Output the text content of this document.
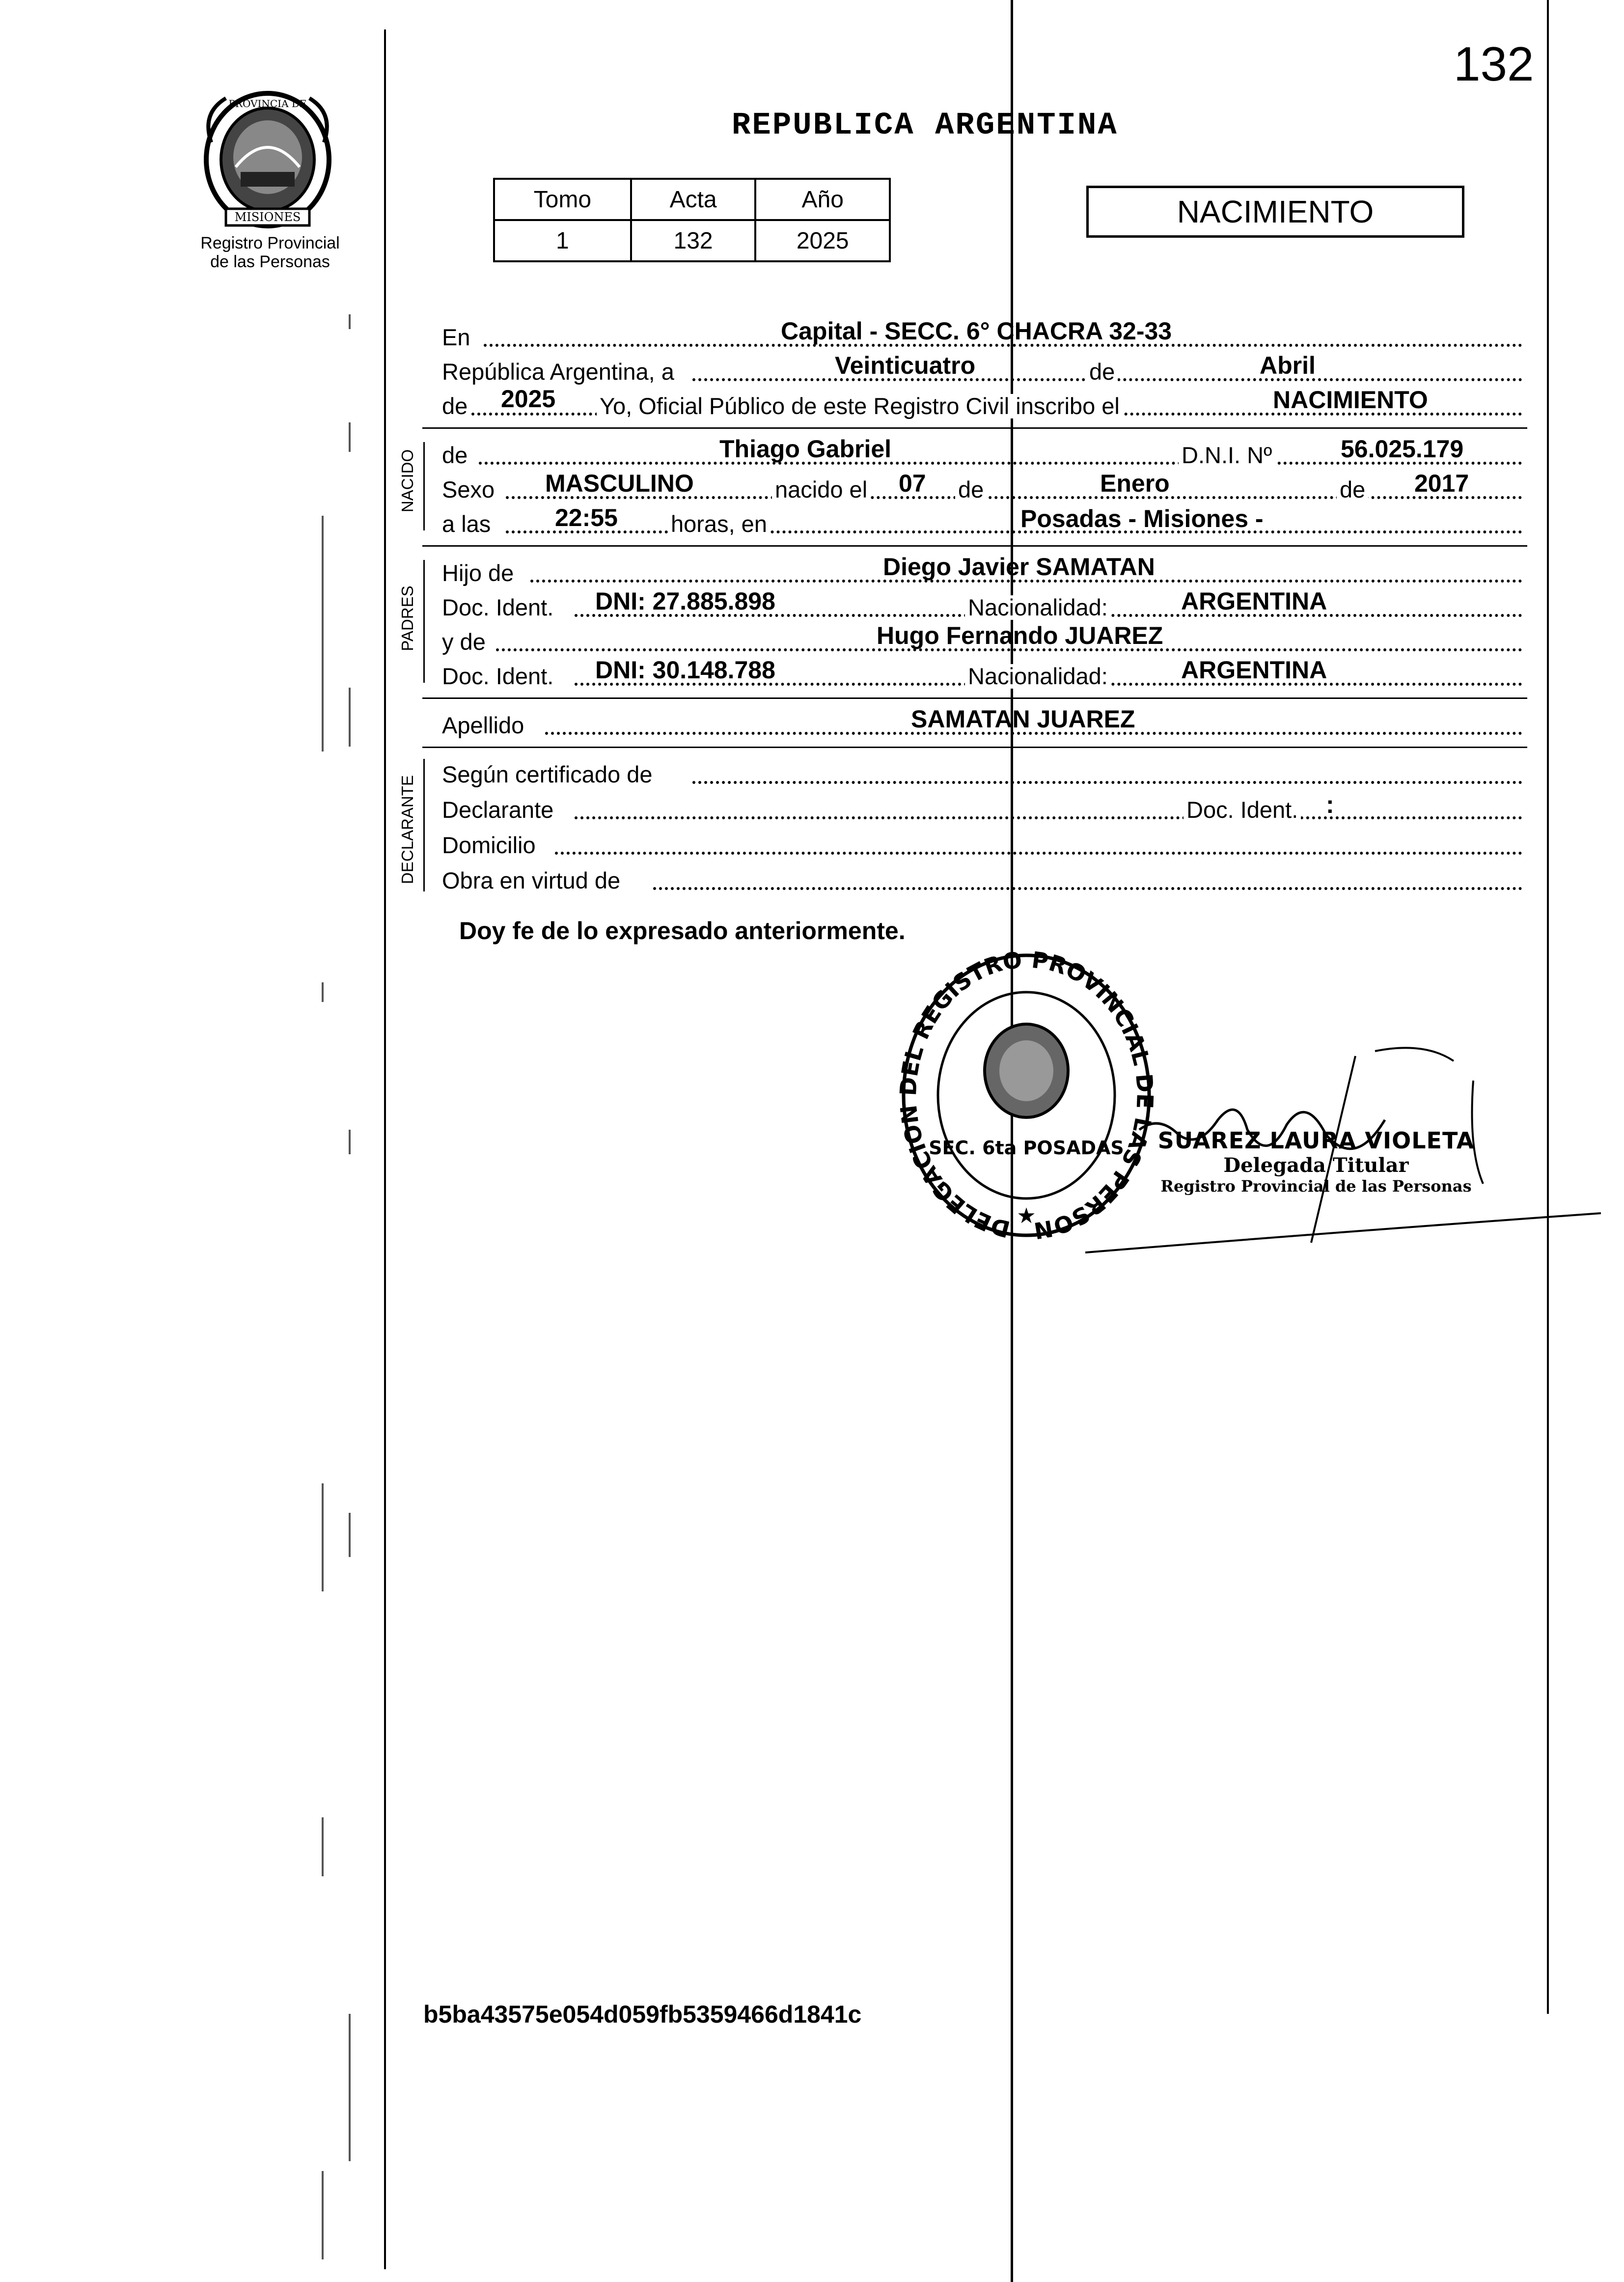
132
MISIONES
PROVINCIA DE
Registro Provincial
de las Personas
REPUBLICA ARGENTINA
Tomo	Acta	Año
1	132	2025
NACIMIENTO
En	Capital - SECC. 6° CHACRA 32-33
República Argentina, a	Veinticuatro	de	Abril
de 2025 Yo, Oficial Público de este Registro Civil inscribo el	NACIMIENTO
NACIDO de	Thiago Gabriel	D.N.I. Nº	56.025.179
Sexo MASCULINO	nacido el 07 de	Enero	de 2017
a las	22:55 horas, en	Posadas - Misiones -
PADRES
Hijo de	Diego Javier SAMATAN
Doc. Ident. DNI: 27.885.898	Nacionalidad:	ARGENTINA
y de	Hugo Fernando JUAREZ
Doc. Ident. DNI: 30.148.788	Nacionalidad:	ARGENTINA
Apellido	SAMATAN JUAREZ
DECLARANTE
Según certificado de
Declarante	Doc. Ident. :
Domicilio
Obra en virtud de
Doy fe de lo expresado anteriormente.
DELEGACIO EL REGISTRO PROVINCIAL LAS PERSON
SEC. 6ta POSADAS
★
SUAREZ LAURA VIOLETA
Delegada Titular
Registro Provincial de las Personas
b5ba43575e054d059fb5359466d1841c
